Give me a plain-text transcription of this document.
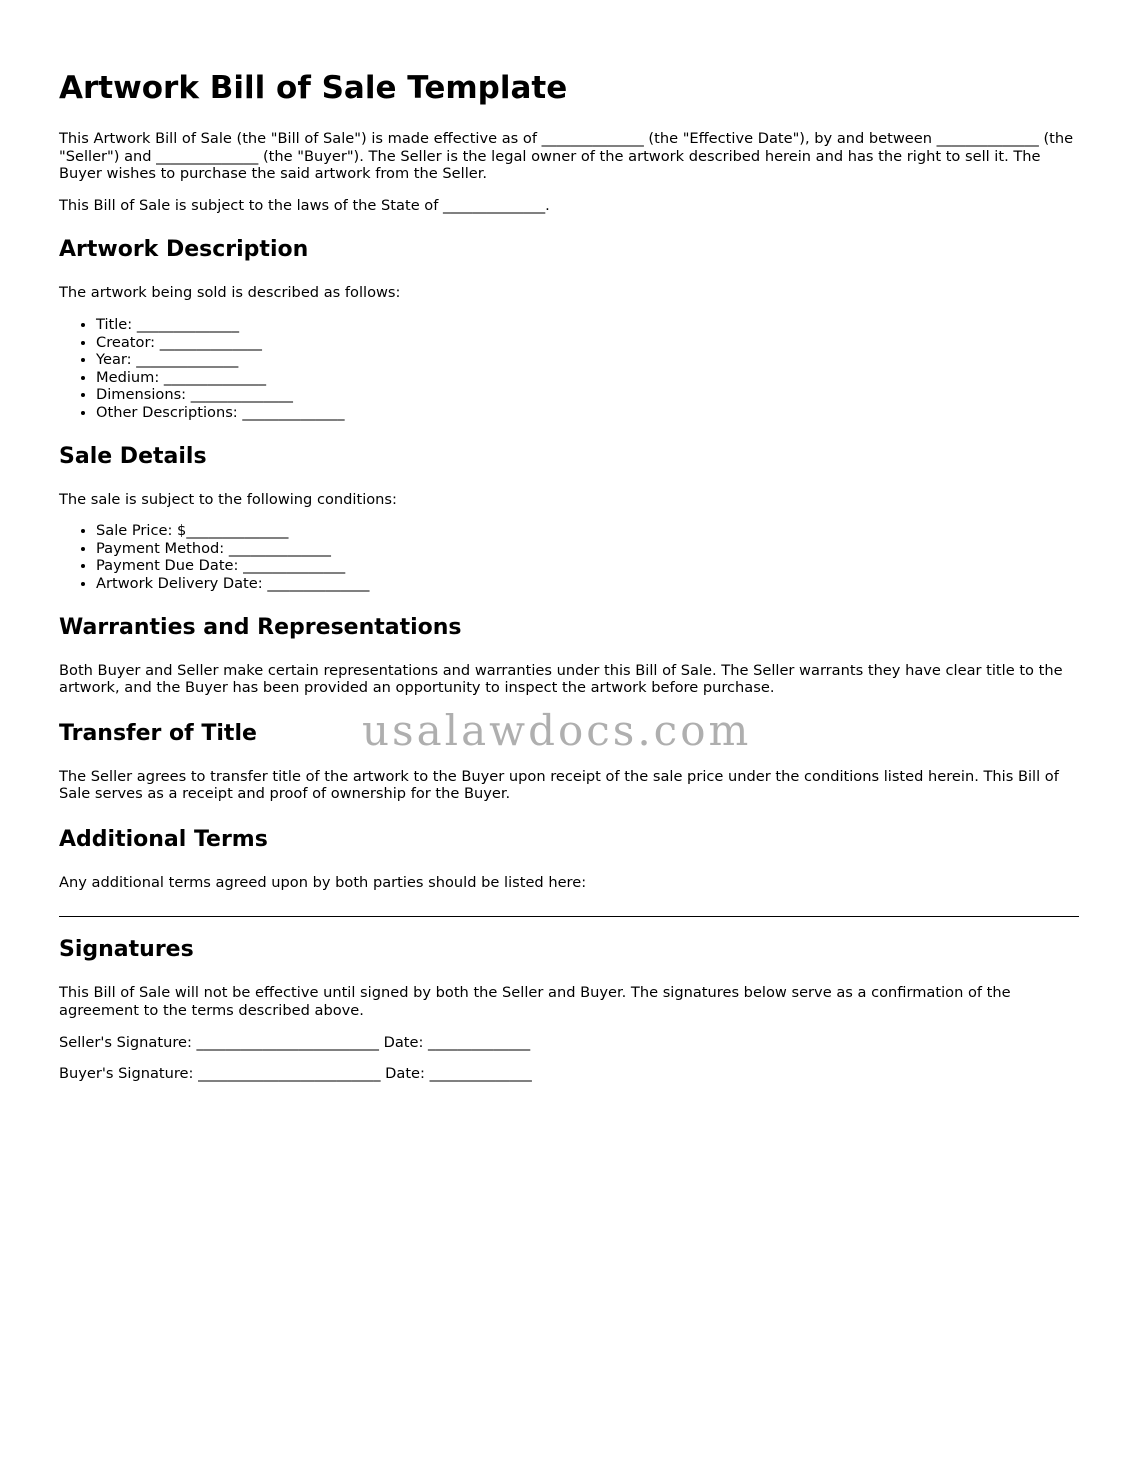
Artwork Bill of Sale Template

This Artwork Bill of Sale (the "Bill of Sale") is made effective as of ______________ (the "Effective Date"), by and between ______________ (the "Seller") and ______________ (the "Buyer"). The Seller is the legal owner of the artwork described herein and has the right to sell it. The Buyer wishes to purchase the said artwork from the Seller.

This Bill of Sale is subject to the laws of the State of ______________.

Artwork Description

The artwork being sold is described as follows:

• Title: ______________
• Creator: ______________
• Year: ______________
• Medium: ______________
• Dimensions: ______________
• Other Descriptions: ______________
Sale Details

The sale is subject to the following conditions:

• Sale Price: $______________
• Payment Method: ______________
• Payment Due Date: ______________
• Artwork Delivery Date: ______________
Warranties and Representations

Both Buyer and Seller make certain representations and warranties under this Bill of Sale. The Seller warrants they have clear title to the artwork, and the Buyer has been provided an opportunity to inspect the artwork before purchase.

Transfer of Title

The Seller agrees to transfer title of the artwork to the Buyer upon receipt of the sale price under the conditions listed herein. This Bill of Sale serves as a receipt and proof of ownership for the Buyer.

Additional Terms

Any additional terms agreed upon by both parties should be listed here:

Signatures

This Bill of Sale will not be effective until signed by both the Seller and Buyer. The signatures below serve as a confirmation of the agreement to the terms described above.

Seller's Signature: _________________________ Date: ______________

Buyer's Signature: _________________________ Date: ______________

usalawdocs.com
